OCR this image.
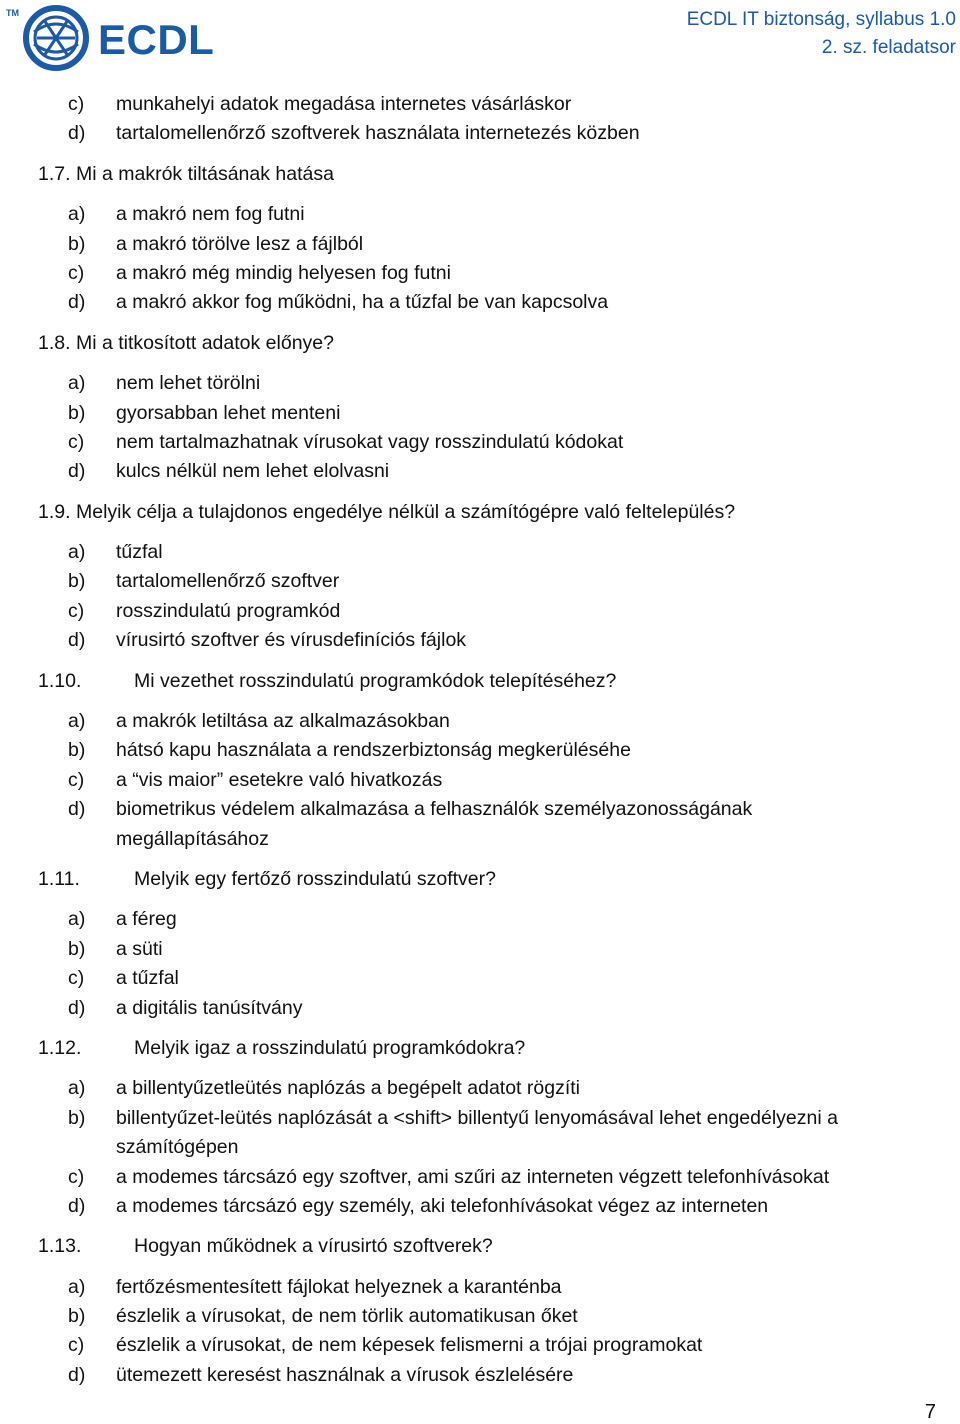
TM
ECDL	ECDL IT biztonság, syllabus 1.0
2. sz. feladatsor
c) munkahelyi adatok megadása internetes vásárláskor
d) tartalomellenőrző szoftverek használata internetezés közben
1.7. Mi a makrók tiltásának hatása
a) a makró nem fog futni
b) a makró törölve lesz a fájlból
c) a makró még mindig helyesen fog futni
d) a makró akkor fog működni, ha a tűzfal be van kapcsolva
1.8. Mi a titkosított adatok előnye?
a) nem lehet törölni
b) gyorsabban lehet menteni
c) nem tartalmazhatnak vírusokat vagy rosszindulatú kódokat
d) kulcs nélkül nem lehet elolvasni
1.9. Melyik célja a tulajdonos engedélye nélkül a számítógépre való feltelepülés?
a) tűzfal
b) tartalomellenőrző szoftver
c) rosszindulatú programkód
d) vírusirtó szoftver és vírusdefiníciós fájlok
1.10.	Mi vezethet rosszindulatú programkódok telepítéséhez?
a) a makrók letiltása az alkalmazásokban
b) hátsó kapu használata a rendszerbiztonság megkerüléséhe
c) a “vis maior” esetekre való hivatkozás
d) biometrikus védelem alkalmazása a felhasználók személyazonosságának
megállapításához
1.11.	Melyik egy fertőző rosszindulatú szoftver?
a) a féreg
b) a süti
c) a tűzfal
d) a digitális tanúsítvány
1.12.	Melyik igaz a rosszindulatú programkódokra?
a) a billentyűzetleütés naplózás a begépelt adatot rögzíti
b) billentyűzet-leütés naplózását a <shift> billentyű lenyomásával lehet engedélyezni a
számítógépen
c) a modemes tárcsázó egy szoftver, ami szűri az interneten végzett telefonhívásokat
d) a modemes tárcsázó egy személy, aki telefonhívásokat végez az interneten
1.13.	Hogyan működnek a vírusirtó szoftverek?
a) fertőzésmentesített fájlokat helyeznek a karanténba
b) észlelik a vírusokat, de nem törlik automatikusan őket
c) észlelik a vírusokat, de nem képesek felismerni a trójai programokat
d) ütemezett keresést használnak a vírusok észlelésére
7
